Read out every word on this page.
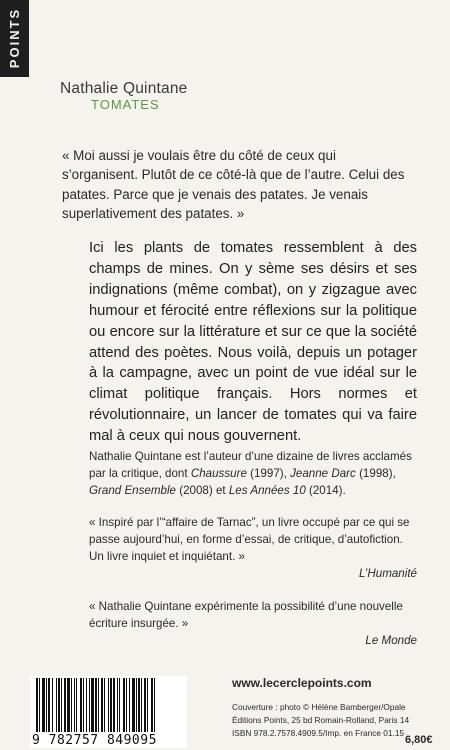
POINTS
Nathalie Quintane
TOMATES
« Moi aussi je voulais être du côté de ceux qui s’organisent. Plutôt de ce côté-là que de l’autre. Celui des patates. Parce que je venais des patates. Je venais superlativement des patates. »
Ici les plants de tomates ressemblent à des champs de mines. On y sème ses désirs et ses indignations (même combat), on y zigzague avec humour et férocité entre réflexions sur la politique ou encore sur la littérature et sur ce que la société attend des poètes. Nous voilà, depuis un potager à la campagne, avec un point de vue idéal sur le climat politique français. Hors normes et révolutionnaire, un lancer de tomates qui va faire mal à ceux qui nous gouvernent.
Nathalie Quintane est l’auteur d’une dizaine de livres acclamés par la critique, dont Chaussure (1997), Jeanne Darc (1998), Grand Ensemble (2008) et Les Années 10 (2014).
« Inspiré par l’“affaire de Tarnac”, un livre occupé par ce qui se passe aujourd’hui, en forme d’essai, de critique, d’autofiction. Un livre inquiet et inquiétant. »
L’Humanité
« Nathalie Quintane expérimente la possibilité d’une nouvelle écriture insurgée. »
Le Monde
9 782757 849095
www.lecerclepoints.com
Couverture : photo © Hélène Bamberger/Opale
Éditions Points, 25 bd Romain-Rolland, Paris 14
ISBN 978.2.7578.4909.5/Imp. en France 01.15
6,80€
